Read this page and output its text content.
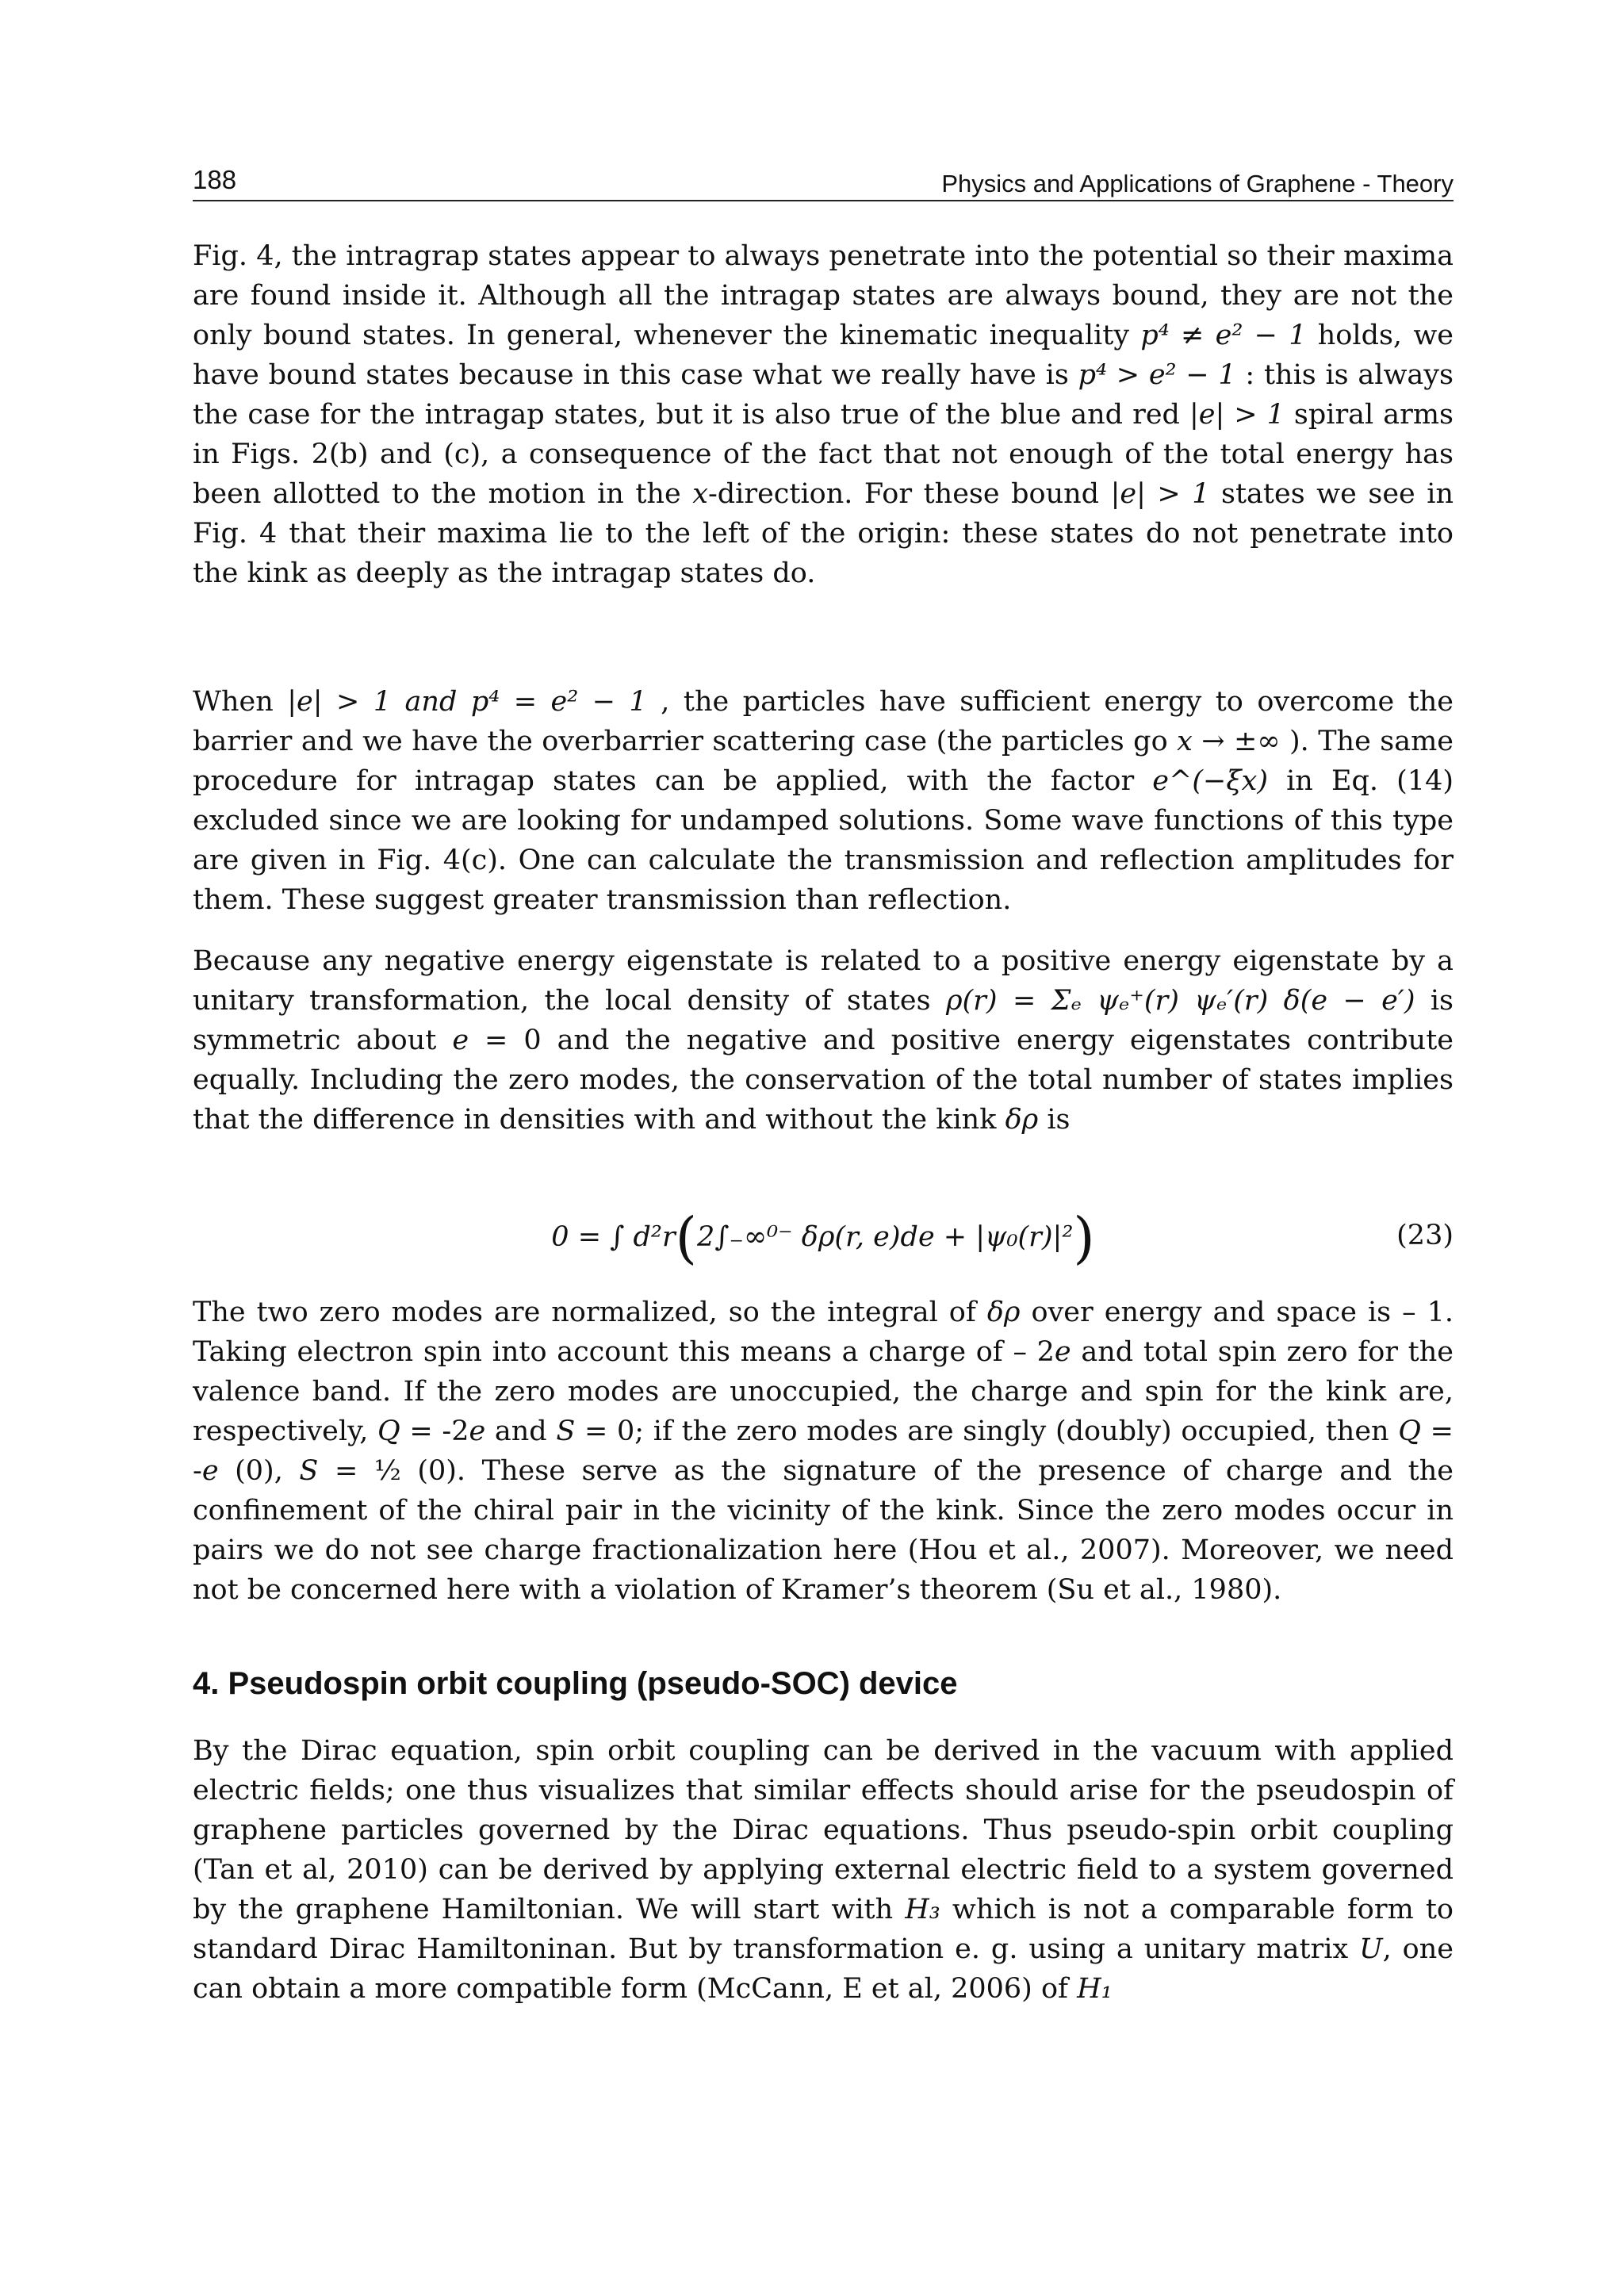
188	Physics and Applications of Graphene - Theory

Fig. 4, the intragrap states appear to always penetrate into the potential so their maxima are found inside it. Although all the intragap states are always bound, they are not the only bound states. In general, whenever the kinematic inequality p⁴ ≠ e² − 1 holds, we have bound states because in this case what we really have is p⁴ > e² − 1 : this is always the case for the intragap states, but it is also true of the blue and red |e| > 1 spiral arms in Figs. 2(b) and (c), a consequence of the fact that not enough of the total energy has been allotted to the motion in the x-direction. For these bound |e| > 1 states we see in Fig. 4 that their maxima lie to the left of the origin: these states do not penetrate into the kink as deeply as the intragap states do.

When |e| > 1 and p⁴ = e² − 1 , the particles have sufficient energy to overcome the barrier and we have the overbarrier scattering case (the particles go x → ±∞ ). The same procedure for intragap states can be applied, with the factor e^(−ξx) in Eq. (14) excluded since we are looking for undamped solutions. Some wave functions of this type are given in Fig. 4(c). One can calculate the transmission and reflection amplitudes for them. These suggest greater transmission than reflection.

Because any negative energy eigenstate is related to a positive energy eigenstate by a unitary transformation, the local density of states ρ(r) = Σₑ ψₑ⁺(r) ψₑ′(r) δ(e − e′) is symmetric about e = 0 and the negative and positive energy eigenstates contribute equally. Including the zero modes, the conservation of the total number of states implies that the difference in densities with and without the kink δρ is

0 = ∫ d²r(2∫₋∞⁰⁻ δρ(r, e)de + |ψ₀(r)|²)	(23)

The two zero modes are normalized, so the integral of δρ over energy and space is – 1. Taking electron spin into account this means a charge of – 2e and total spin zero for the valence band. If the zero modes are unoccupied, the charge and spin for the kink are, respectively, Q = -2e and S = 0; if the zero modes are singly (doubly) occupied, then Q = -e (0), S = ½ (0). These serve as the signature of the presence of charge and the confinement of the chiral pair in the vicinity of the kink. Since the zero modes occur in pairs we do not see charge fractionalization here (Hou et al., 2007). Moreover, we need not be concerned here with a violation of Kramer’s theorem (Su et al., 1980).

4. Pseudospin orbit coupling (pseudo-SOC) device

By the Dirac equation, spin orbit coupling can be derived in the vacuum with applied electric fields; one thus visualizes that similar effects should arise for the pseudospin of graphene particles governed by the Dirac equations. Thus pseudo-spin orbit coupling (Tan et al, 2010) can be derived by applying external electric field to a system governed by the graphene Hamiltonian. We will start with H₃ which is not a comparable form to standard Dirac Hamiltoninan. But by transformation e. g. using a unitary matrix U, one can obtain a more compatible form (McCann, E et al, 2006) of H₁
